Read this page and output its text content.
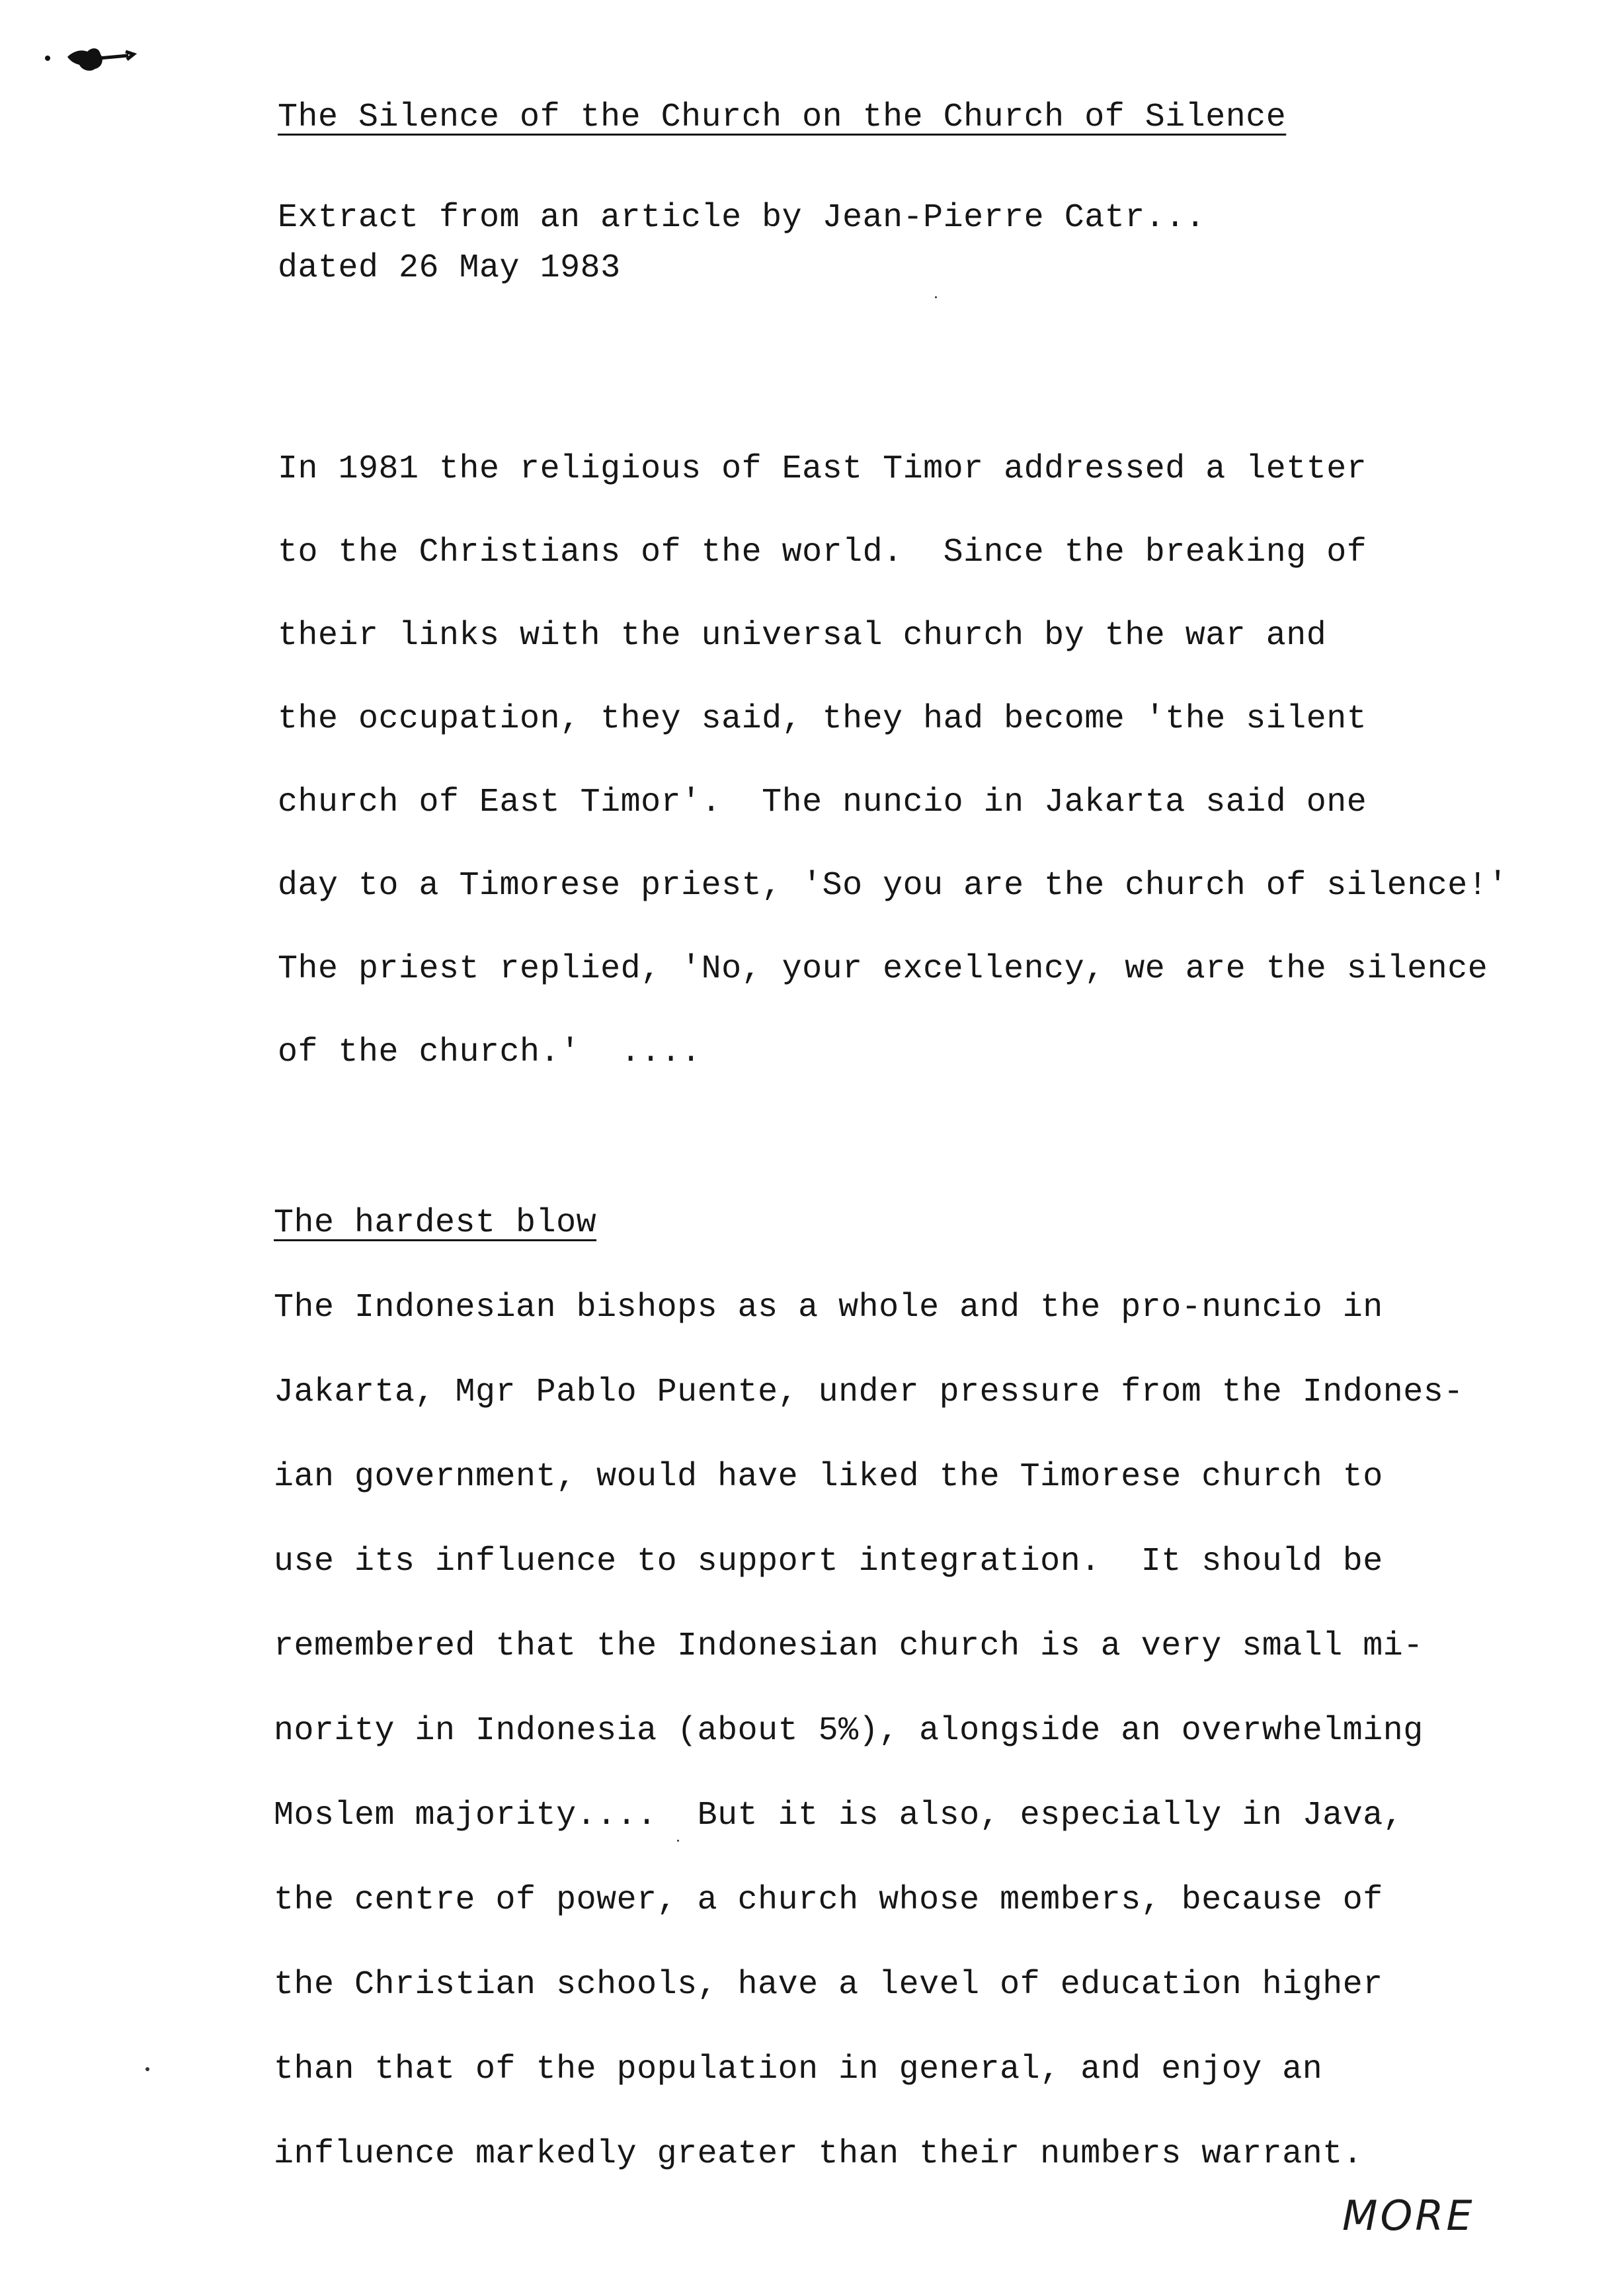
The Silence of the Church on the Church of Silence
Extract from an article by Jean-Pierre Catr...
dated 26 May 1983
In 1981 the religious of East Timor addressed a letter
to the Christians of the world.  Since the breaking of
their links with the universal church by the war and
the occupation, they said, they had become 'the silent
church of East Timor'.  The nuncio in Jakarta said one
day to a Timorese priest, 'So you are the church of silence!'
The priest replied, 'No, your excellency, we are the silence
of the church.'  ....
The hardest blow
The Indonesian bishops as a whole and the pro-nuncio in
Jakarta, Mgr Pablo Puente, under pressure from the Indones-
ian government, would have liked the Timorese church to
use its influence to support integration.  It should be
remembered that the Indonesian church is a very small mi-
nority in Indonesia (about 5%), alongside an overwhelming
Moslem majority....  But it is also, especially in Java,
the centre of power, a church whose members, because of
the Christian schools, have a level of education higher
than that of the population in general, and enjoy an
influence markedly greater than their numbers warrant.
MORE
